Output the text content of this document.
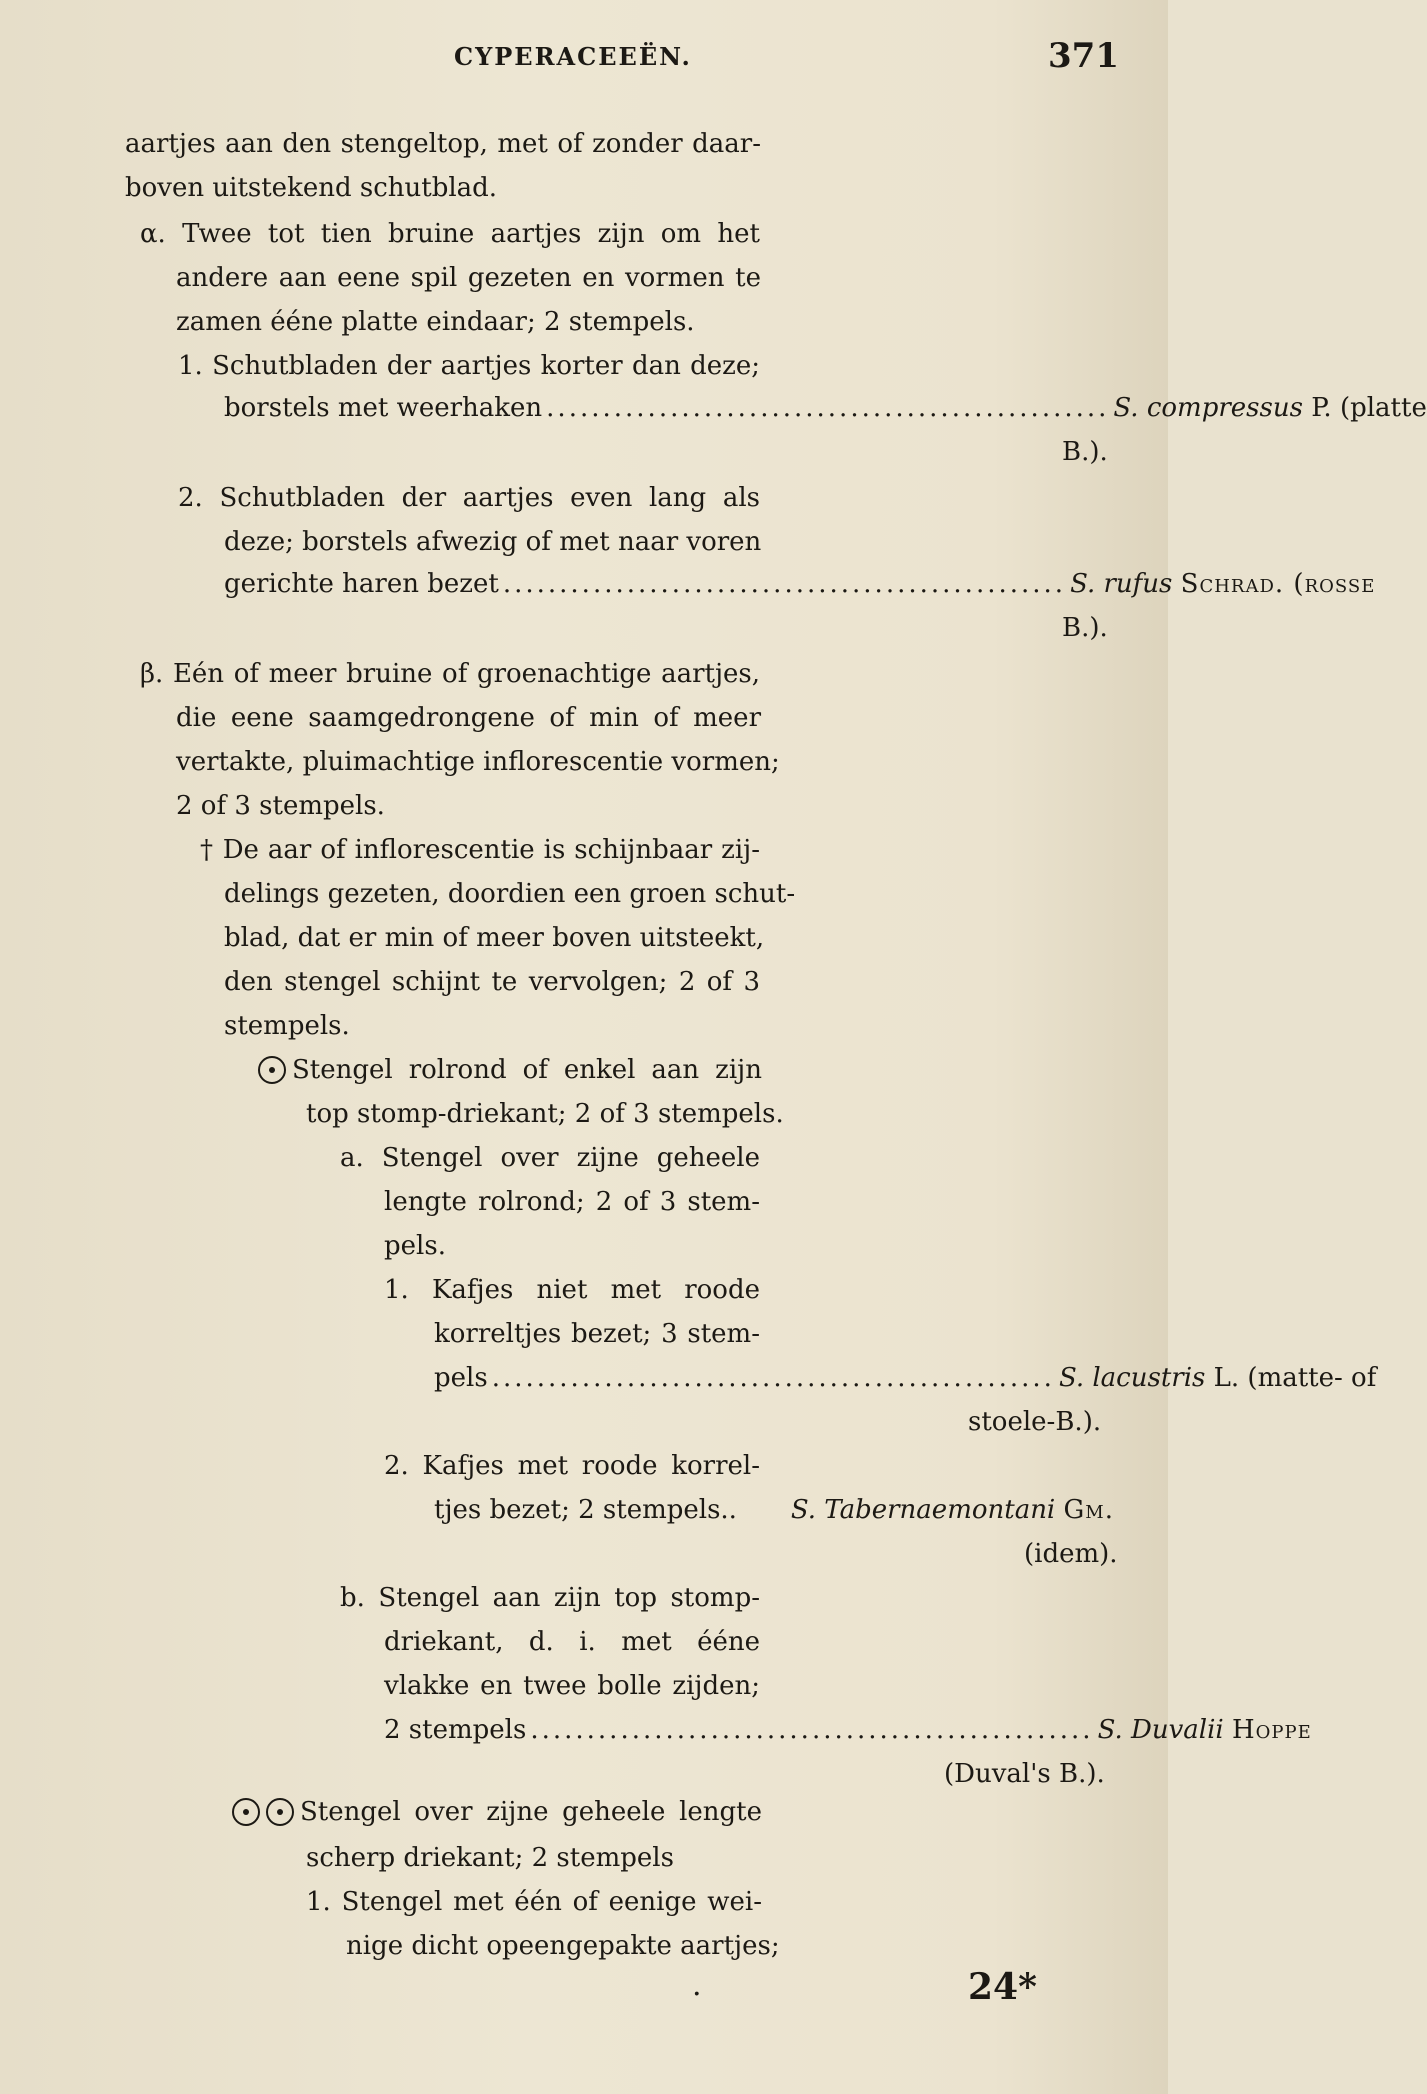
CYPERACEEËN.	371
aartjes aan den stengeltop, met of zonder daar-
boven uitstekend schutblad.
α. Twee tot tien bruine aartjes zijn om het
andere aan eene spil gezeten en vormen te
zamen ééne platte eindaar; 2 stempels.
1. Schutbladen der aartjes korter dan deze;
borstels met weerhaken .................................................. S. compressus
P. (platte
B.).
2. Schutbladen der aartjes even lang als
deze; borstels afwezig of met naar voren
gerichte haren bezet .................................................. S. rufus
Schrad. (rosse
B.).
β. Eén of meer bruine of groenachtige aartjes,
die eene saamgedrongene of min of meer
vertakte, pluimachtige inflorescentie vormen;
2 of 3 stempels.
† De aar of inflorescentie is schijnbaar zij-
delings gezeten, doordien een groen schut-
blad, dat er min of meer boven uitsteekt,
den stengel schijnt te vervolgen; 2 of 3
stempels.
Stengel rolrond of enkel aan zijn
top stomp-driekant; 2 of 3 stempels.
a. Stengel over zijne geheele
lengte rolrond; 2 of 3 stem-
pels.
1. Kafjes niet met roode
korreltjes bezet; 3 stem-
pels .................................................. S. lacustris
L. (matte- of
stoele-B.).
2. Kafjes met roode korrel-
tjes bezet; 2 stempels.. S. Tabernaemontani
Gm.
(idem).
b. Stengel aan zijn top stomp-
driekant, d. i. met ééne
vlakke en twee bolle zijden;
2 stempels .................................................. S. Duvalii
Hoppe
(Duval's B.).
Stengel over zijne geheele lengte
scherp driekant; 2 stempels
1. Stengel met één of eenige wei-
nige dicht opeengepakte aartjes;
.	24*
